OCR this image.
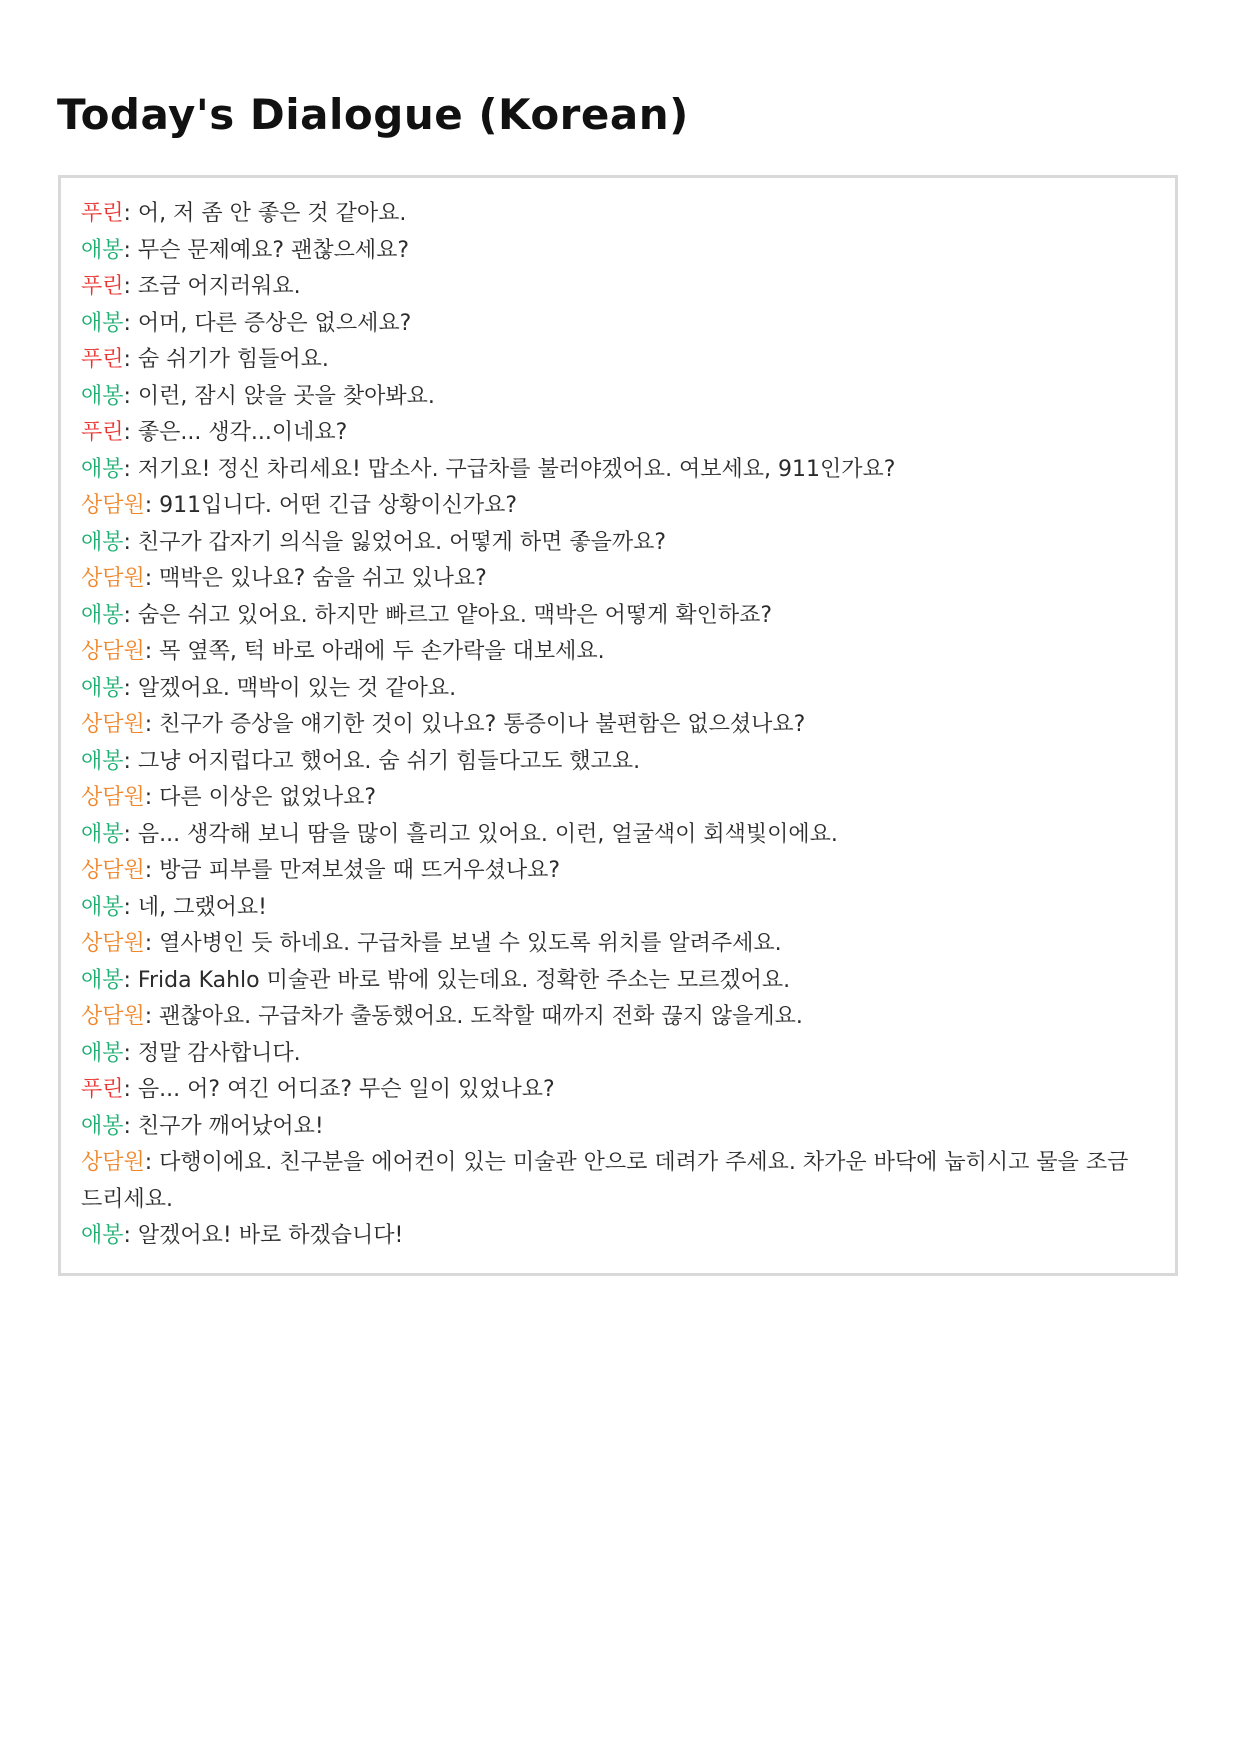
Today's Dialogue (Korean)
푸린: 어, 저 좀 안 좋은 것 같아요.
애봉: 무슨 문제예요? 괜찮으세요?
푸린: 조금 어지러워요.
애봉: 어머, 다른 증상은 없으세요?
푸린: 숨 쉬기가 힘들어요.
애봉: 이런, 잠시 앉을 곳을 찾아봐요.
푸린: 좋은... 생각...이네요?
애봉: 저기요! 정신 차리세요! 맙소사. 구급차를 불러야겠어요. 여보세요, 911인가요?
상담원: 911입니다. 어떤 긴급 상황이신가요?
애봉: 친구가 갑자기 의식을 잃었어요. 어떻게 하면 좋을까요?
상담원: 맥박은 있나요? 숨을 쉬고 있나요?
애봉: 숨은 쉬고 있어요. 하지만 빠르고 얕아요. 맥박은 어떻게 확인하죠?
상담원: 목 옆쪽, 턱 바로 아래에 두 손가락을 대보세요.
애봉: 알겠어요. 맥박이 있는 것 같아요.
상담원: 친구가 증상을 얘기한 것이 있나요? 통증이나 불편함은 없으셨나요?
애봉: 그냥 어지럽다고 했어요. 숨 쉬기 힘들다고도 했고요.
상담원: 다른 이상은 없었나요?
애봉: 음... 생각해 보니 땀을 많이 흘리고 있어요. 이런, 얼굴색이 회색빛이에요.
상담원: 방금 피부를 만져보셨을 때 뜨거우셨나요?
애봉: 네, 그랬어요!
상담원: 열사병인 듯 하네요. 구급차를 보낼 수 있도록 위치를 알려주세요.
애봉: Frida Kahlo 미술관 바로 밖에 있는데요. 정확한 주소는 모르겠어요.
상담원: 괜찮아요. 구급차가 출동했어요. 도착할 때까지 전화 끊지 않을게요.
애봉: 정말 감사합니다.
푸린: 음... 어? 여긴 어디죠? 무슨 일이 있었나요?
애봉: 친구가 깨어났어요!
상담원: 다행이에요. 친구분을 에어컨이 있는 미술관 안으로 데려가 주세요. 차가운 바닥에 눕히시고 물을 조금 드리세요.
애봉: 알겠어요! 바로 하겠습니다!
